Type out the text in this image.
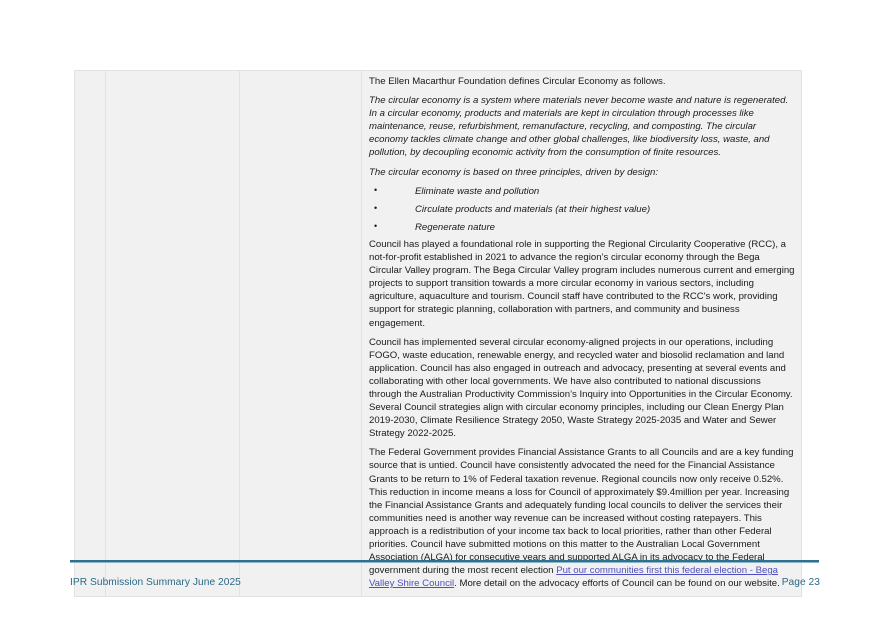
The Ellen Macarthur Foundation defines Circular Economy as follows.

The circular economy is a system where materials never become waste and nature is regenerated. In a circular economy, products and materials are kept in circulation through processes like maintenance, reuse, refurbishment, remanufacture, recycling, and composting. The circular economy tackles climate change and other global challenges, like biodiversity loss, waste, and pollution, by decoupling economic activity from the consumption of finite resources.

The circular economy is based on three principles, driven by design:

• Eliminate waste and pollution
• Circulate products and materials (at their highest value)
• Regenerate nature

Council has played a foundational role in supporting the Regional Circularity Cooperative (RCC), a not-for-profit established in 2021 to advance the region’s circular economy through the Bega Circular Valley program. The Bega Circular Valley program includes numerous current and emerging projects to support transition towards a more circular economy in various sectors, including agriculture, aquaculture and tourism. Council staff have contributed to the RCC's work, providing support for strategic planning, collaboration with partners, and community and business engagement.

Council has implemented several circular economy-aligned projects in our operations, including FOGO, waste education, renewable energy, and recycled water and biosolid reclamation and land application. Council has also engaged in outreach and advocacy, presenting at several events and collaborating with other local governments. We have also contributed to national discussions through the Australian Productivity Commission’s Inquiry into Opportunities in the Circular Economy. Several Council strategies align with circular economy principles, including our Clean Energy Plan 2019-2030, Climate Resilience Strategy 2050, Waste Strategy 2025-2035 and Water and Sewer Strategy 2022-2025.

The Federal Government provides Financial Assistance Grants to all Councils and are a key funding source that is untied. Council have consistently advocated the need for the Financial Assistance Grants to be return to 1% of Federal taxation revenue. Regional councils now only receive 0.52%. This reduction in income means a loss for Council of approximately $9.4million per year. Increasing the Financial Assistance Grants and adequately funding local councils to deliver the services their communities need is another way revenue can be increased without costing ratepayers. This approach is a redistribution of your income tax back to local priorities, rather than other Federal priorities. Council have submitted motions on this matter to the Australian Local Government Association (ALGA) for consecutive years and supported ALGA in its advocacy to the Federal government during the most recent election Put our communities first this federal election - Bega Valley Shire Council. More detail on the advocacy efforts of Council can be found on our website.

IPR Submission Summary June 2025	Page 23
